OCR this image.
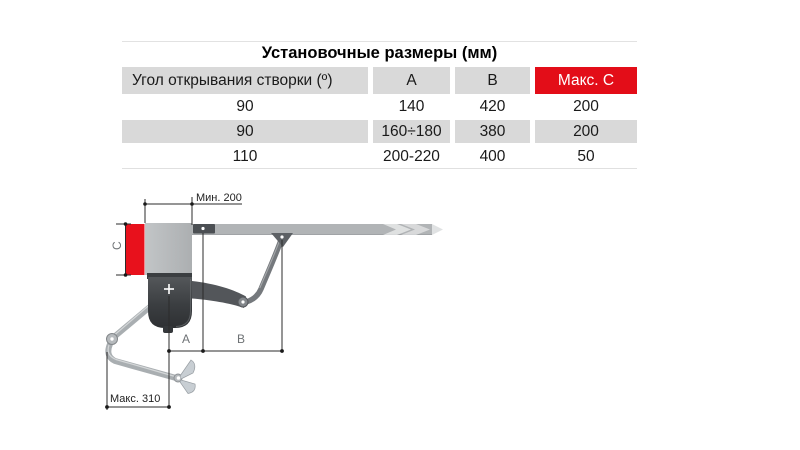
Установочные размеры (мм)
Угол открывания створки (º)	А	В	Макс. С
90	140	420	200
90	160÷180	380	200
110	200-220	400	50
Мин. 200
Макс. 310
A	B
C
